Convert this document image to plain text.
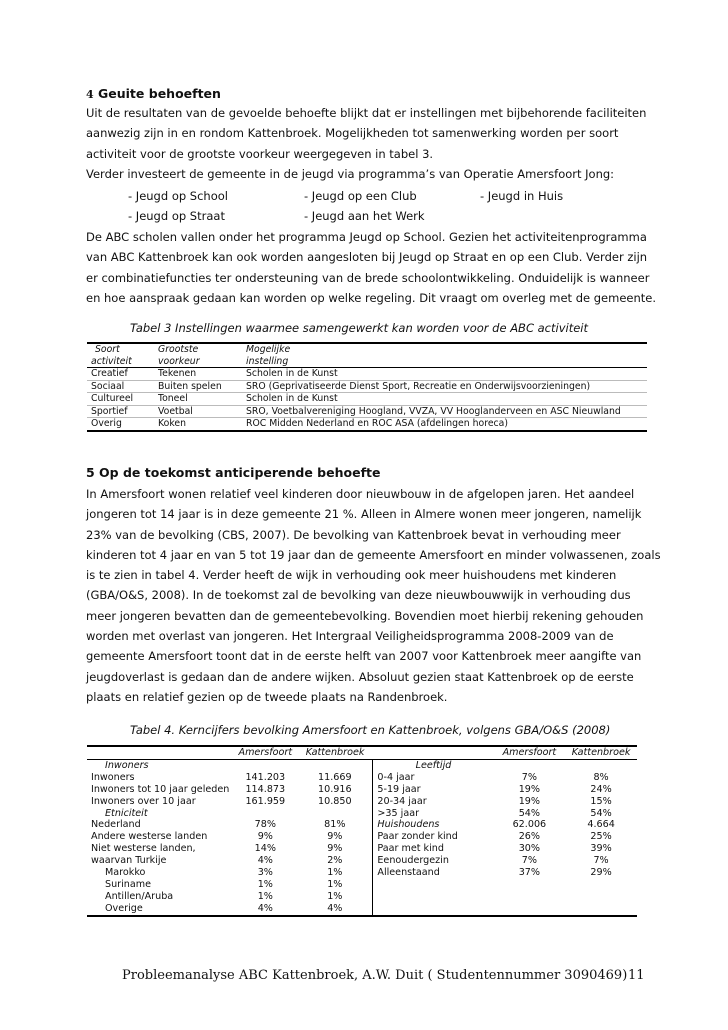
4 Geuite behoeften

Uit de resultaten van de gevoelde behoefte blijkt dat er instellingen met bijbehorende faciliteiten

aanwezig zijn in en rondom Kattenbroek. Mogelijkheden tot samenwerking worden per soort

activiteit voor de grootste voorkeur weergegeven in tabel 3.

Verder investeert de gemeente in de jeugd via programma’s van Operatie Amersfoort Jong:

- Jeugd op School	- Jeugd op een Club	- Jeugd in Huis
- Jeugd op Straat	- Jeugd aan het Werk

De ABC scholen vallen onder het programma Jeugd op School. Gezien het activiteitenprogramma

van ABC Kattenbroek kan ook worden aangesloten bij Jeugd op Straat en op een Club. Verder zijn

er combinatiefuncties ter ondersteuning van de brede schoolontwikkeling. Onduidelijk is wanneer

en hoe aanspraak gedaan kan worden op welke regeling. Dit vraagt om overleg met de gemeente.

Tabel 3 Instellingen waarmee samengewerkt kan worden voor de ABC activiteit
Soort	Grootste	Mogelijke
activiteit	voorkeur	instelling
Creatief	Tekenen	Scholen in de Kunst
Sociaal	Buiten spelen	SRO (Geprivatiseerde Dienst Sport, Recreatie en Onderwijsvoorzieningen)
Cultureel	Toneel	Scholen in de Kunst
Sportief	Voetbal	SRO, Voetbalvereniging Hoogland, VVZA, VV Hooglanderveen en ASC Nieuwland
Overig	Koken	ROC Midden Nederland en ROC ASA (afdelingen horeca)
5 Op de toekomst anticiperende behoefte

In Amersfoort wonen relatief veel kinderen door nieuwbouw in de afgelopen jaren. Het aandeel

jongeren tot 14 jaar is in deze gemeente 21 %. Alleen in Almere wonen meer jongeren, namelijk

23% van de bevolking (CBS, 2007). De bevolking van Kattenbroek bevat in verhouding meer

kinderen tot 4 jaar en van 5 tot 19 jaar dan de gemeente Amersfoort en minder volwassenen, zoals

is te zien in tabel 4. Verder heeft de wijk in verhouding ook meer huishoudens met kinderen

(GBA/O&S, 2008). In de toekomst zal de bevolking van deze nieuwbouwwijk in verhouding dus

meer jongeren bevatten dan de gemeentebevolking. Bovendien moet hierbij rekening gehouden

worden met overlast van jongeren. Het Intergraal Veiligheidsprogramma 2008-2009 van de

gemeente Amersfoort toont dat in de eerste helft van 2007 voor Kattenbroek meer aangifte van

jeugdoverlast is gedaan dan de andere wijken. Absoluut gezien staat Kattenbroek op de eerste

plaats en relatief gezien op de tweede plaats na Randenbroek.

Tabel 4. Kerncijfers bevolking Amersfoort en Kattenbroek, volgens GBA/O&S (2008)
	Amersfoort	Kattenbroek		Amersfoort	Kattenbroek
Inwoners			Leeftijd		
Inwoners	141.203	11.669	0-4 jaar	7%	8%
Inwoners tot 10 jaar geleden	114.873	10.916	5-19 jaar	19%	24%
Inwoners over 10 jaar	161.959	10.850	20-34 jaar	19%	15%
Etniciteit			>35 jaar	54%	54%
Nederland	78%	81%	Huishoudens	62.006	4.664
Andere westerse landen	9%	9%	Paar zonder kind	26%	25%
Niet westerse landen,	14%	9%	Paar met kind	30%	39%
waarvan Turkije	4%	2%	Eenoudergezin	7%	7%
Marokko	3%	1%	Alleenstaand	37%	29%
Suriname	1%	1%			
Antillen/Aruba	1%	1%			
Overige	4%	4%			
Probleemanalyse ABC Kattenbroek, A.W. Duit ( Studentennummer 3090469) 11
